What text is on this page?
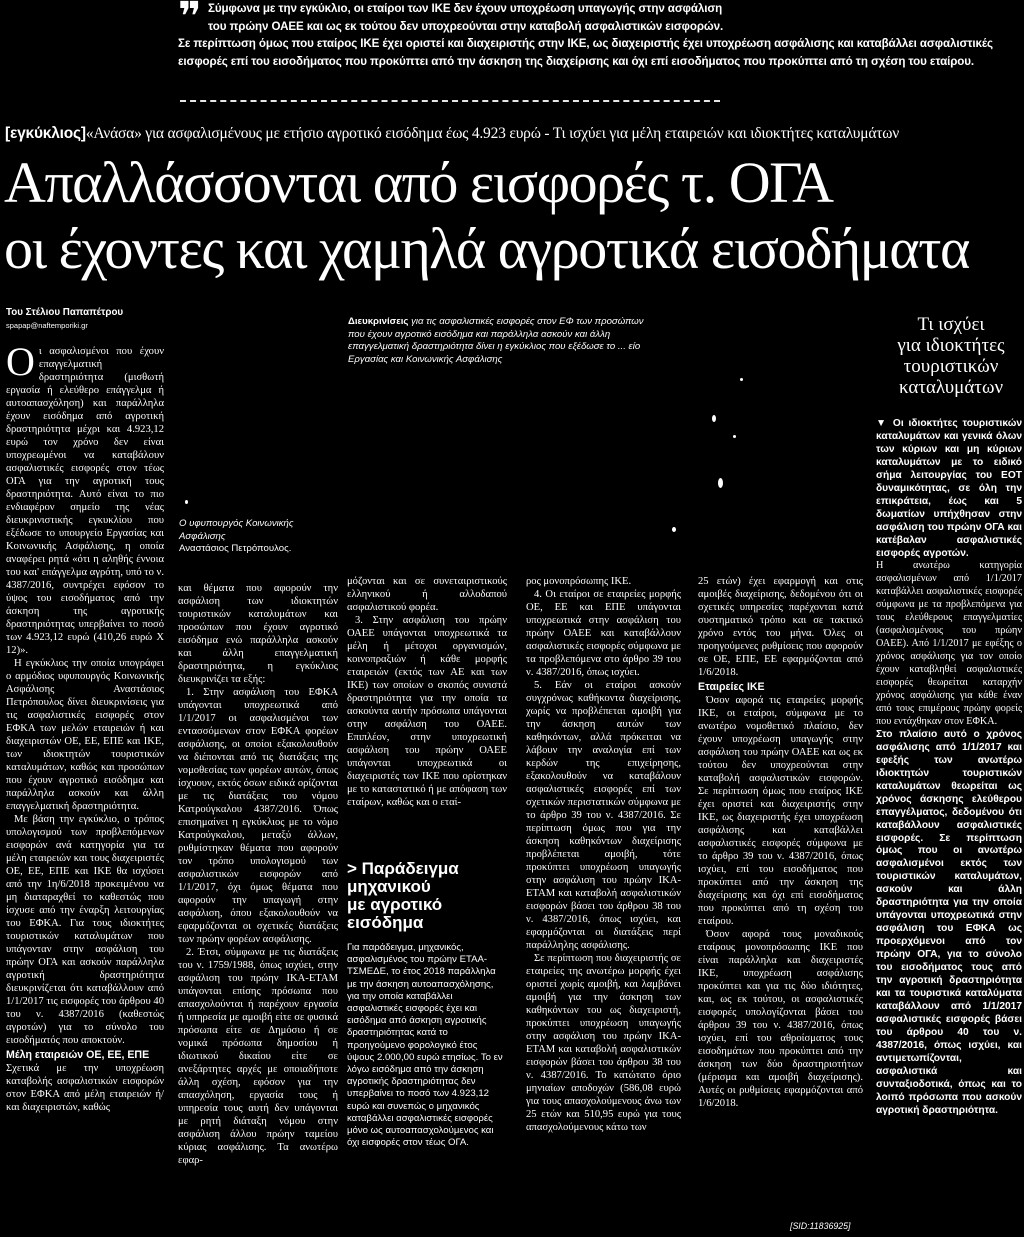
❞ Σύμφωνα με την εγκύκλιο, οι εταίροι των ΙΚΕ δεν έχουν υποχρέωση υπαγωγής στην ασφάλιση
του πρώην ΟΑΕΕ και ως εκ τούτου δεν υποχρεούνται στην καταβολή ασφαλιστικών εισφορών.
Σε περίπτωση όμως που εταίρος ΙΚΕ έχει οριστεί και διαχειριστής στην ΙΚΕ, ως διαχειριστής έχει υποχρέωση ασφάλισης και καταβάλλει ασφαλιστικές εισφορές επί του εισοδήματος που προκύπτει από την άσκηση της διαχείρισης και όχι επί εισοδήματος που προκύπτει από τη σχέση του εταίρου.
[εγκύκλιος]«Ανάσα» για ασφαλισμένους με ετήσιο αγροτικό εισόδημα έως 4.923 ευρώ - Τι ισχύει για μέλη εταιρειών και ιδιοκτήτες καταλυμάτων
Απαλλάσσονται από εισφορές τ. ΟΓΑ
οι έχοντες και χαμηλά αγροτικά εισοδήματα
Του Στέλιου Παπαπέτρου
spapap@naftemporiki.gr
Ο ι ασφαλισμένοι που έχουν επαγγελματική δραστηριότητα (μισθωτή εργασία ή ελεύθερο επάγγελμα ή αυτοαπασχόληση) και παράλληλα έχουν εισόδημα από αγροτική δραστηριότητα μέχρι και 4.923,12 ευρώ τον χρόνο δεν είναι υποχρεωμένοι να καταβάλουν ασφαλιστικές εισφορές στον τέως ΟΓΑ για την αγροτική τους δραστηριότητα. Αυτό είναι το πιο ενδιαφέρον σημείο της νέας διευκρινιστικής εγκυκλίου που εξέδωσε το υπουργείο Εργασίας και Κοινωνικής Ασφάλισης, η οποία αναφέρει ρητά «ότι η αληθής έννοια του και' επάγγελμα αγρότη, υπό το ν. 4387/2016, συντρέχει εφόσον το ύψος του εισοδήματος από την άσκηση της αγροτικής δραστηριότητας υπερβαίνει το ποσό των 4.923,12 ευρώ (410,26 ευρώ Χ 12)».

Η εγκύκλιος την οποία υπογράφει ο αρμόδιος υφυπουργός Κοινωνικής Ασφάλισης Αναστάσιος Πετρόπουλος δίνει διευκρινίσεις για τις ασφαλιστικές εισφορές στον ΕΦΚΑ των μελών εταιρειών ή και διαχειριστών ΟΕ, ΕΕ, ΕΠΕ και ΙΚΕ, των ιδιοκτητών τουριστικών καταλυμάτων, καθώς και προσώπων που έχουν αγροτικό εισόδημα και παράλληλα ασκούν και άλλη επαγγελματική δραστηριότητα.

Με βάση την εγκύκλιο, ο τρόπος υπολογισμού των προβλεπόμενων εισφορών ανά κατηγορία για τα μέλη εταιρειών και τους διαχειριστές ΟΕ, ΕΕ, ΕΠΕ και ΙΚΕ θα ισχύσει από την 1η/6/2018 προκειμένου να μη διαταραχθεί το καθεστώς που ίσχυσε από την έναρξη λειτουργίας του ΕΦΚΑ. Για τους ιδιοκτήτες τουριστικών καταλυμάτων που υπάγονταν στην ασφάλιση του πρώην ΟΓΑ και ασκούν παράλληλα αγροτική δραστηριότητα διευκρινίζεται ότι καταβάλλουν από 1/1/2017 τις εισφορές του άρθρου 40 του ν. 4387/2016 (καθεστώς αγροτών) για το σύνολο του εισοδήματός που αποκτούν.

Μέλη εταιρειών ΟΕ, ΕΕ, ΕΠΕ

Σχετικά με την υποχρέωση καταβολής ασφαλιστικών εισφορών στον ΕΦΚΑ από μέλη εταιρειών ή/και διαχειριστών, καθώς

Διευκρινίσεις για τις ασφαλιστικές εισφορές στον ΕΦ των προσώπων που έχουν αγροτικό εισόδημα και παράλληλα ασκούν και άλλη επαγγελματική δραστηριότητα δίνει η εγκύκλιος που εξέδωσε το ... είο Εργασίας και Κοινωνικής Ασφάλισης
Ο υφυπουργός Κοινωνικής
Ασφάλισης
Αναστάσιος Πετρόπουλος.

και θέματα που αφορούν την ασφάλιση των ιδιοκτητών τουριστικών καταλυμάτων και προσώπων που έχουν αγροτικό εισόδημα ενώ παράλληλα ασκούν και άλλη επαγγελματική δραστηριότητα, η εγκύκλιος διευκρινίζει τα εξής:

1. Στην ασφάλιση του ΕΦΚΑ υπάγονται υποχρεωτικά από 1/1/2017 οι ασφαλισμένοι των εντασσόμενων στον ΕΦΚΑ φορέων ασφάλισης, οι οποίοι εξακολουθούν να διέπονται από τις διατάξεις της νομοθεσίας των φορέων αυτών, όπως ίσχυουν, εκτός όσων ειδικά ορίζονται με τις διατάξεις του νόμου Κατρούγκαλου 4387/2016. Όπως επισημαίνει η εγκύκλιος με το νόμο Κατρούγκαλου, μεταξύ άλλων, ρυθμίστηκαν θέματα που αφορούν τον τρόπο υπολογισμού των ασφαλιστικών εισφορών από 1/1/2017, όχι όμως θέματα που αφορούν την υπαγωγή στην ασφάλιση, όπου εξακολουθούν να εφαρμόζονται οι σχετικές διατάξεις των πρώην φορέων ασφάλισης.

2. Έτσι, σύμφωνα με τις διατάξεις του ν. 1759/1988, όπως ισχύει, στην ασφάλιση του πρώην ΙΚΑ-ΕΤΑΜ υπάγονται επίσης πρόσωπα που απασχολούνται ή παρέχουν εργασία ή υπηρεσία με αμοιβή είτε σε φυσικά πρόσωπα είτε σε Δημόσιο ή σε νομικά πρόσωπα δημοσίου ή ιδιωτικού δικαίου είτε σε ανεξάρτητες αρχές με οποιαδήποτε άλλη σχέση, εφόσον για την απασχόληση, εργασία τους ή υπηρεσία τους αυτή δεν υπάγονται με ρητή διάταξη νόμου στην ασφάλιση άλλου πρώην ταμείου κύριας ασφάλισης. Τα ανωτέρω εφαρ-

μόζονται και σε συνεταιριστικούς ελληνικού ή αλλοδαπού ασφαλιστικού φορέα.

3. Στην ασφάλιση του πρώην ΟΑΕΕ υπάγονται υποχρεωτικά τα μέλη ή μέτοχοι οργανισμών, κοινοπραξιών ή κάθε μορφής εταιρειών (εκτός των ΑΕ και των ΙΚΕ) των οποίων ο σκοπός συνιστά δραστηριότητα για την οποία τα ασκούντα αυτήν πρόσωπα υπάγονται στην ασφάλιση του ΟΑΕΕ. Επιπλέον, στην υποχρεωτική ασφάλιση του πρώην ΟΑΕΕ υπάγονται υποχρεωτικά οι διαχειριστές των ΙΚΕ που ορίστηκαν με το καταστατικό ή με απόφαση των εταίρων, καθώς και ο εταί-

> Παράδειγμα
μηχανικού
με αγροτικό
εισόδημα
Για παράδειγμα, μηχανικός, ασφαλισμένος του πρώην ΕΤΑΑ-ΤΣΜΕΔΕ, το έτος 2018 παράλληλα με την άσκηση αυτοαπασχόλησης, για την οποία καταβάλλει ασφαλιστικές εισφορές έχει και εισόδημα από άσκηση αγροτικής δραστηριότητας κατά το προηγούμενο φορολογικό έτος ύψους 2.000,00 ευρώ ετησίως. Το εν λόγω εισόδημα από την άσκηση αγροτικής δραστηριότητας δεν υπερβαίνει το ποσό των 4.923,12 ευρώ και συνεπώς ο μηχανικός καταβάλλει ασφαλιστικές εισφορές μόνο ως αυτοαπασχολούμενος και όχι εισφορές στον τέως ΟΓΑ.

ρος μονοπρόσωπης ΙΚΕ.

4. Οι εταίροι σε εταιρείες μορφής ΟΕ, ΕΕ και ΕΠΕ υπάγονται υποχρεωτικά στην ασφάλιση του πρώην ΟΑΕΕ και καταβάλλουν ασφαλιστικές εισφορές σύμφωνα με τα προβλεπόμενα στο άρθρο 39 του ν. 4387/2016, όπως ισχύει.

5. Εάν οι εταίροι ασκούν συγχρόνως καθήκοντα διαχείρισης, χωρίς να προβλέπεται αμοιβή για την άσκηση αυτών των καθηκόντων, αλλά πρόκειται να λάβουν την αναλογία επί των κερδών της επιχείρησης, εξακολουθούν να καταβάλουν ασφαλιστικές εισφορές επί των σχετικών περιστατικών σύμφωνα με το άρθρο 39 του ν. 4387/2016. Σε περίπτωση όμως που για την άσκηση καθηκόντων διαχείρισης προβλέπεται αμοιβή, τότε προκύπτει υποχρέωση υπαγωγής στην ασφάλιση του πρώην ΙΚΑ-ΕΤΑΜ και καταβολή ασφαλιστικών εισφορών βάσει του άρθρου 38 του ν. 4387/2016, όπως ισχύει, και εφαρμόζονται οι διατάξεις περί παράλληλης ασφάλισης.

Σε περίπτωση που διαχειριστής σε εταιρείες της ανωτέρω μορφής έχει οριστεί χωρίς αμοιβή, και λαμβάνει αμοιβή για την άσκηση των καθηκόντων του ως διαχειριστή, προκύπτει υποχρέωση υπαγωγής στην ασφάλιση του πρώην ΙΚΑ-ΕΤΑΜ και καταβολή ασφαλιστικών εισφορών βάσει του άρθρου 38 του ν. 4387/2016. Το κατώτατο όριο μηνιαίων αποδοχών (586,08 ευρώ για τους απασχολούμενους άνω των 25 ετών και 510,95 ευρώ για τους απασχολούμενους κάτω των

25 ετών) έχει εφαρμογή και στις αμοιβές διαχείρισης, δεδομένου ότι οι σχετικές υπηρεσίες παρέχονται κατά συστηματικό τρόπο και σε τακτικό χρόνο εντός του μήνα. Όλες οι προηγούμενες ρυθμίσεις που αφορούν σε ΟΕ, ΕΠΕ, ΕΕ εφαρμόζονται από 1/6/2018.

Εταιρείες ΙΚΕ

Όσον αφορά τις εταιρείες μορφής ΙΚΕ, οι εταίροι, σύμφωνα με το ανωτέρω νομοθετικό πλαίσιο, δεν έχουν υποχρέωση υπαγωγής στην ασφάλιση του πρώην ΟΑΕΕ και ως εκ τούτου δεν υποχρεούνται στην καταβολή ασφαλιστικών εισφορών. Σε περίπτωση όμως που εταίρος ΙΚΕ έχει οριστεί και διαχειριστής στην ΙΚΕ, ως διαχειριστής έχει υποχρέωση ασφάλισης και καταβάλλει ασφαλιστικές εισφορές σύμφωνα με το άρθρο 39 του ν. 4387/2016, όπως ισχύει, επί του εισοδήματος που προκύπτει από την άσκηση της διαχείρισης και όχι επί εισοδήματος που προκύπτει από τη σχέση του εταίρου.

Όσον αφορά τους μοναδικούς εταίρους μονοπρόσωπης ΙΚΕ που είναι παράλληλα και διαχειριστές ΙΚΕ, υποχρέωση ασφάλισης προκύπτει και για τις δύο ιδιότητες, και, ως εκ τούτου, οι ασφαλιστικές εισφορές υπολογίζονται βάσει του άρθρου 39 του ν. 4387/2016, όπως ισχύει, επί του αθροίσματος τους εισοδημάτων που προκύπτει από την άσκηση των δύο δραστηριοτήτων (μέρισμα και αμοιβή διαχείρισης). Αυτές οι ρυθμίσεις εφαρμόζονται από 1/6/2018.

Τι ισχύει
για ιδιοκτήτες
τουριστικών
καταλυμάτων

▼ Οι ιδιοκτήτες τουριστικών καταλυμάτων και γενικά όλων των κύριων και μη κύριων καταλυμάτων με το ειδικό σήμα λειτουργίας του ΕΟΤ δυναμικότητας, σε όλη την επικράτεια, έως και 5 δωματίων υπήχθησαν στην ασφάλιση του πρώην ΟΓΑ και κατέβαλαν ασφαλιστικές εισφορές αγροτών.

Η ανωτέρω κατηγορία ασφαλισμένων από 1/1/2017 καταβάλλει ασφαλιστικές εισφορές σύμφωνα με τα προβλεπόμενα για τους ελεύθερους επαγγελματίες (ασφαλισμένους του πρώην ΟΑΕΕ). Από 1/1/2017 με εφέξης ο χρόνος ασφάλισης για τον οποίο έχουν καταβληθεί ασφαλιστικές εισφορές θεωρείται καταρχήν χρόνος ασφάλισης για κάθε έναν από τους επιμέρους πρώην φορείς που εντάχθηκαν στον ΕΦΚΑ.

Στο πλαίσιο αυτό ο χρόνος ασφάλισης από 1/1/2017 και εφεξής των ανωτέρω ιδιοκτητών τουριστικών καταλυμάτων θεωρείται ως χρόνος άσκησης ελεύθερου επαγγέλματος, δεδομένου ότι καταβάλλουν ασφαλιστικές εισφορές. Σε περίπτωση όμως που οι ανωτέρω ασφαλισμένοι εκτός των τουριστικών καταλυμάτων, ασκούν και άλλη δραστηριότητα για την οποία υπάγονται υποχρεωτικά στην ασφάλιση του ΕΦΚΑ ως προερχόμενοι από τον πρώην ΟΓΑ, για το σύνολο του εισοδήματος τους από την αγροτική δραστηριότητα και τα τουριστικά καταλύματα καταβάλλουν από 1/1/2017 ασφαλιστικές εισφορές βάσει του άρθρου 40 του ν. 4387/2016, όπως ισχύει, και αντιμετωπίζονται, ασφαλιστικά και συνταξιοδοτικά, όπως και το λοιπό πρόσωπα που ασκούν αγροτική δραστηριότητα.

[SID:11836925]
